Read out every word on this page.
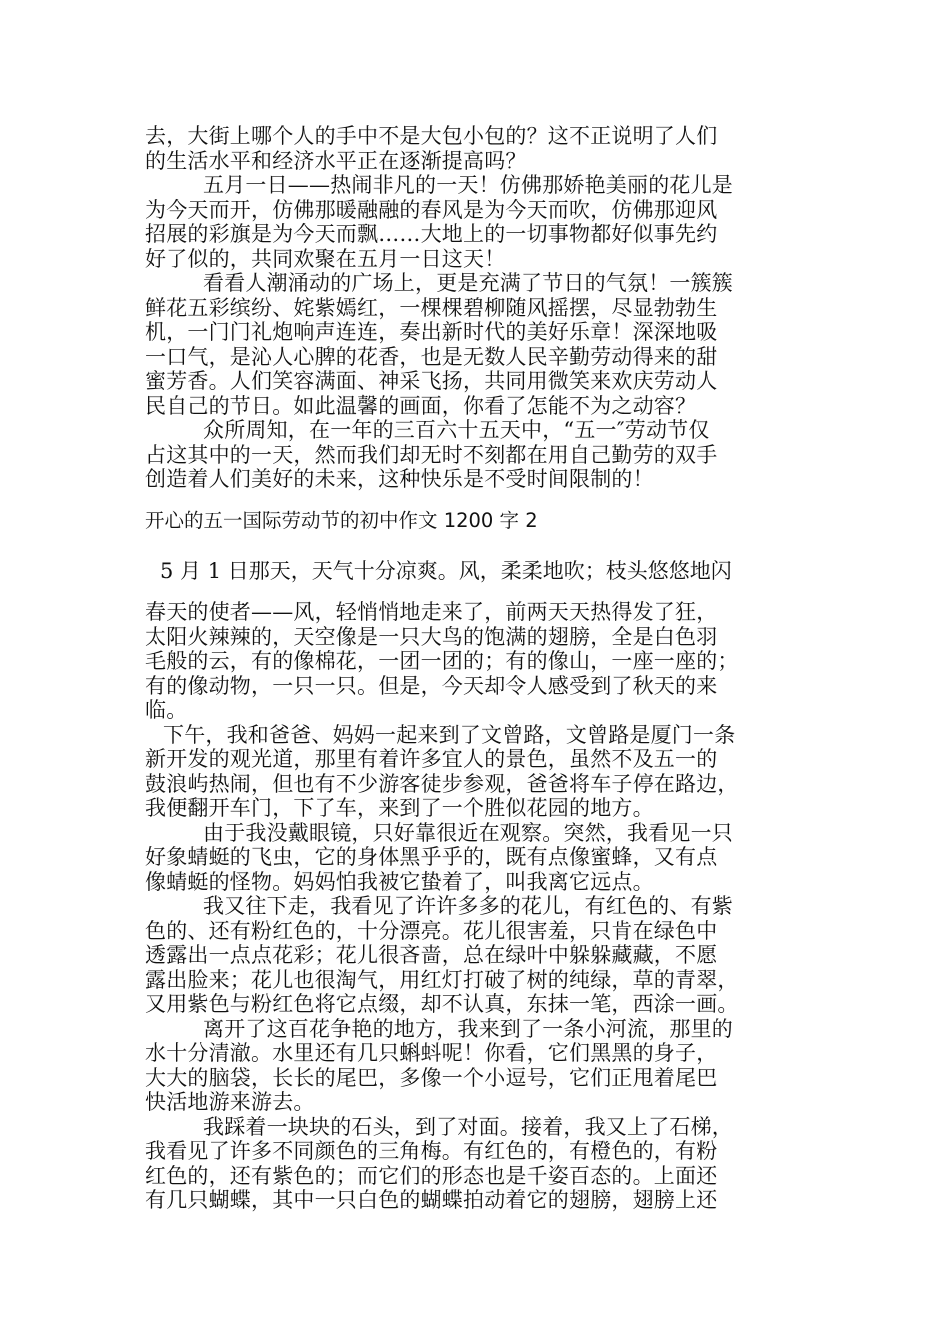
去，大街上哪个人的手中不是大包小包的？这不正说明了人们

的生活水平和经济水平正在逐渐提高吗？

五月一日——热闹非凡的一天！仿佛那娇艳美丽的花儿是

为今天而开，仿佛那暖融融的春风是为今天而吹，仿佛那迎风

招展的彩旗是为今天而飘……大地上的一切事物都好似事先约

好了似的，共同欢聚在五月一日这天！

看看人潮涌动的广场上，更是充满了节日的气氛！一簇簇

鲜花五彩缤纷、姹紫嫣红，一棵棵碧柳随风摇摆，尽显勃勃生

机，一门门礼炮响声连连，奏出新时代的美好乐章！深深地吸

一口气，是沁人心脾的花香，也是无数人民辛勤劳动得来的甜

蜜芳香。人们笑容满面、神采飞扬，共同用微笑来欢庆劳动人

民自己的节日。如此温馨的画面，你看了怎能不为之动容？

众所周知，在一年的三百六十五天中，“五一″劳动节仅

占这其中的一天，然而我们却无时不刻都在用自己勤劳的双手

创造着人们美好的未来，这种快乐是不受时间限制的！

开心的五一国际劳动节的初中作文 1200 字 2
5 月 1 日那天，天气十分凉爽。风，柔柔地吹；枝头悠悠地闪

春天的使者——风，轻悄悄地走来了，前两天天热得发了狂，

太阳火辣辣的，天空像是一只大鸟的饱满的翅膀，全是白色羽

毛般的云，有的像棉花，一团一团的；有的像山，一座一座的；

有的像动物，一只一只。但是，今天却令人感受到了秋天的来

临。

下午，我和爸爸、妈妈一起来到了文曾路，文曾路是厦门一条

新开发的观光道，那里有着许多宜人的景色，虽然不及五一的

鼓浪屿热闹，但也有不少游客徒步参观，爸爸将车子停在路边，

我便翻开车门，下了车，来到了一个胜似花园的地方。

由于我没戴眼镜，只好靠很近在观察。突然，我看见一只

好象蜻蜓的飞虫，它的身体黑乎乎的，既有点像蜜蜂，又有点

像蜻蜓的怪物。妈妈怕我被它蛰着了，叫我离它远点。

我又往下走，我看见了许许多多的花儿，有红色的、有紫

色的、还有粉红色的，十分漂亮。花儿很害羞，只肯在绿色中

透露出一点点花彩；花儿很吝啬，总在绿叶中躲躲藏藏，不愿

露出脸来；花儿也很淘气，用红灯打破了树的纯绿，草的青翠，

又用紫色与粉红色将它点缀，却不认真，东抹一笔，西涂一画。

离开了这百花争艳的地方，我来到了一条小河流，那里的

水十分清澈。水里还有几只蝌蚪呢！你看，它们黑黑的身子，

大大的脑袋，长长的尾巴，多像一个小逗号，它们正甩着尾巴

快活地游来游去。

我踩着一块块的石头，到了对面。接着，我又上了石梯，

我看见了许多不同颜色的三角梅。有红色的，有橙色的，有粉

红色的，还有紫色的；而它们的形态也是千姿百态的。上面还

有几只蝴蝶，其中一只白色的蝴蝶拍动着它的翅膀，翅膀上还
